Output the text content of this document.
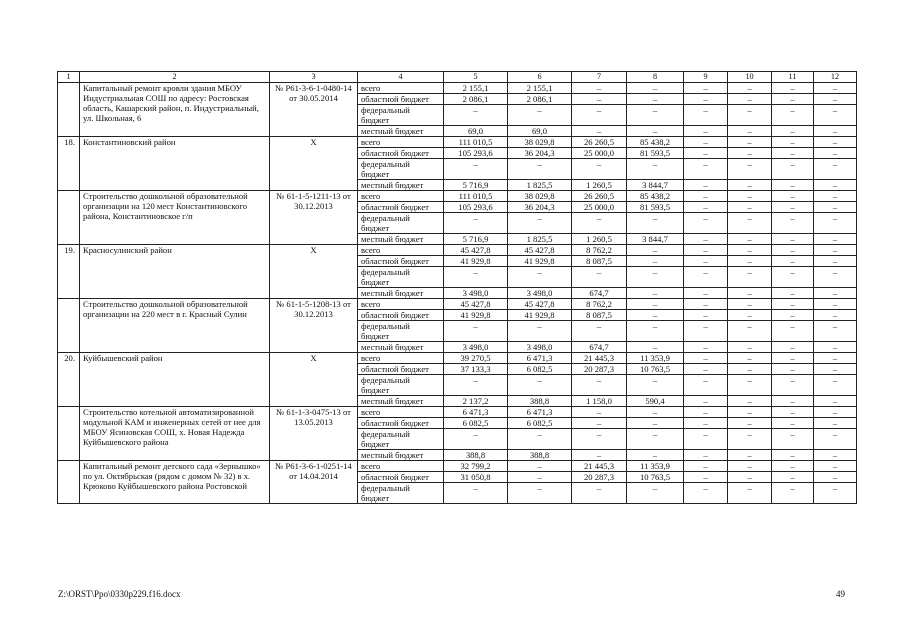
1	2	3	4	5	6	7	8	9	10	11	12
	Капитальный ремонт кровли здания МБОУ Индустриальная СОШ по адресу: Ростовская область, Кашарский район, п. Индустриальный, ул. Школьная, 6	№ Р61-3-6-1-0480-14 от 30.05.2014	всего	2 155,1	2 155,1	–	–	–	–	–	–
			областной бюджет	2 086,1	2 086,1	–	–	–	–	–	–
			федеральный бюджет	–	–	–	–	–	–	–	–
			местный бюджет	69,0	69,0	–	–	–	–	–	–
18.	Константиновский район	Х	всего	111 010,5	38 029,8	26 260,5	85 438,2	–	–	–	–
			областной бюджет	105 293,6	36 204,3	25 000,0	81 593,5	–	–	–	–
			федеральный бюджет	–	–	–	–	–	–	–	–
			местный бюджет	5 716,9	1 825,5	1 260,5	3 844,7	–	–	–	–
	Строительство дошкольной образовательной организации на 120 мест Константиновского района, Константиновское г/п	№ 61-1-5-1211-13 от 30.12.2013	всего	111 010,5	38 029,8	26 260,5	85 438,2	–	–	–	–
			областной бюджет	105 293,6	36 204,3	25 000,0	81 593,5	–	–	–	–
			федеральный бюджет	–	–	–	–	–	–	–	–
			местный бюджет	5 716,9	1 825,5	1 260,5	3 844,7	–	–	–	–
19.	Красносулинский район	Х	всего	45 427,8	45 427,8	8 762,2	–	–	–	–	–
			областной бюджет	41 929,8	41 929,8	8 087,5	–	–	–	–	–
			федеральный бюджет	–	–	–	–	–	–	–	–
			местный бюджет	3 498,0	3 498,0	674,7	–	–	–	–	–
	Строительство дошкольной образовательной организации на 220 мест в г. Красный Сулин	№ 61-1-5-1208-13 от 30.12.2013	всего	45 427,8	45 427,8	8 762,2	–	–	–	–	–
			областной бюджет	41 929,8	41 929,8	8 087,5	–	–	–	–	–
			федеральный бюджет	–	–	–	–	–	–	–	–
			местный бюджет	3 498,0	3 498,0	674,7	–	–	–	–	–
20.	Куйбышевский район	Х	всего	39 270,5	6 471,3	21 445,3	11 353,9	–	–	–	–
			областной бюджет	37 133,3	6 082,5	20 287,3	10 763,5	–	–	–	–
			федеральный бюджет	–	–	–	–	–	–	–	–
			местный бюджет	2 137,2	388,8	1 158,0	590,4	–	–	–	–
	Строительство котельной автоматизированной модульной КАМ и инженерных сетей от нее для МБОУ Ясиновская СОШ, х. Новая Надежда Куйбышевского района	№ 61-1-3-0475-13 от 13.05.2013	всего	6 471,3	6 471,3	–	–	–	–	–	–
			областной бюджет	6 082,5	6 082,5	–	–	–	–	–	–
			федеральный бюджет	–	–	–	–	–	–	–	–
			местный бюджет	388,8	388,8	–	–	–	–	–	–
	Капитальный ремонт детского сада «Зернышко» по ул. Октябрьская (рядом с домом № 32) в х. Крюково Куйбышевского района Ростовской	№ Р61-3-6-1-0251-14 от 14.04.2014	всего	32 799,2	–	21 445,3	11 353,9	–	–	–	–
			областной бюджет	31 050,8	–	20 287,3	10 763,5	–	–	–	–
			федеральный бюджет	–	–	–	–	–	–	–	–
Z:\ORST\Ppo\0330p229.f16.docx	49
